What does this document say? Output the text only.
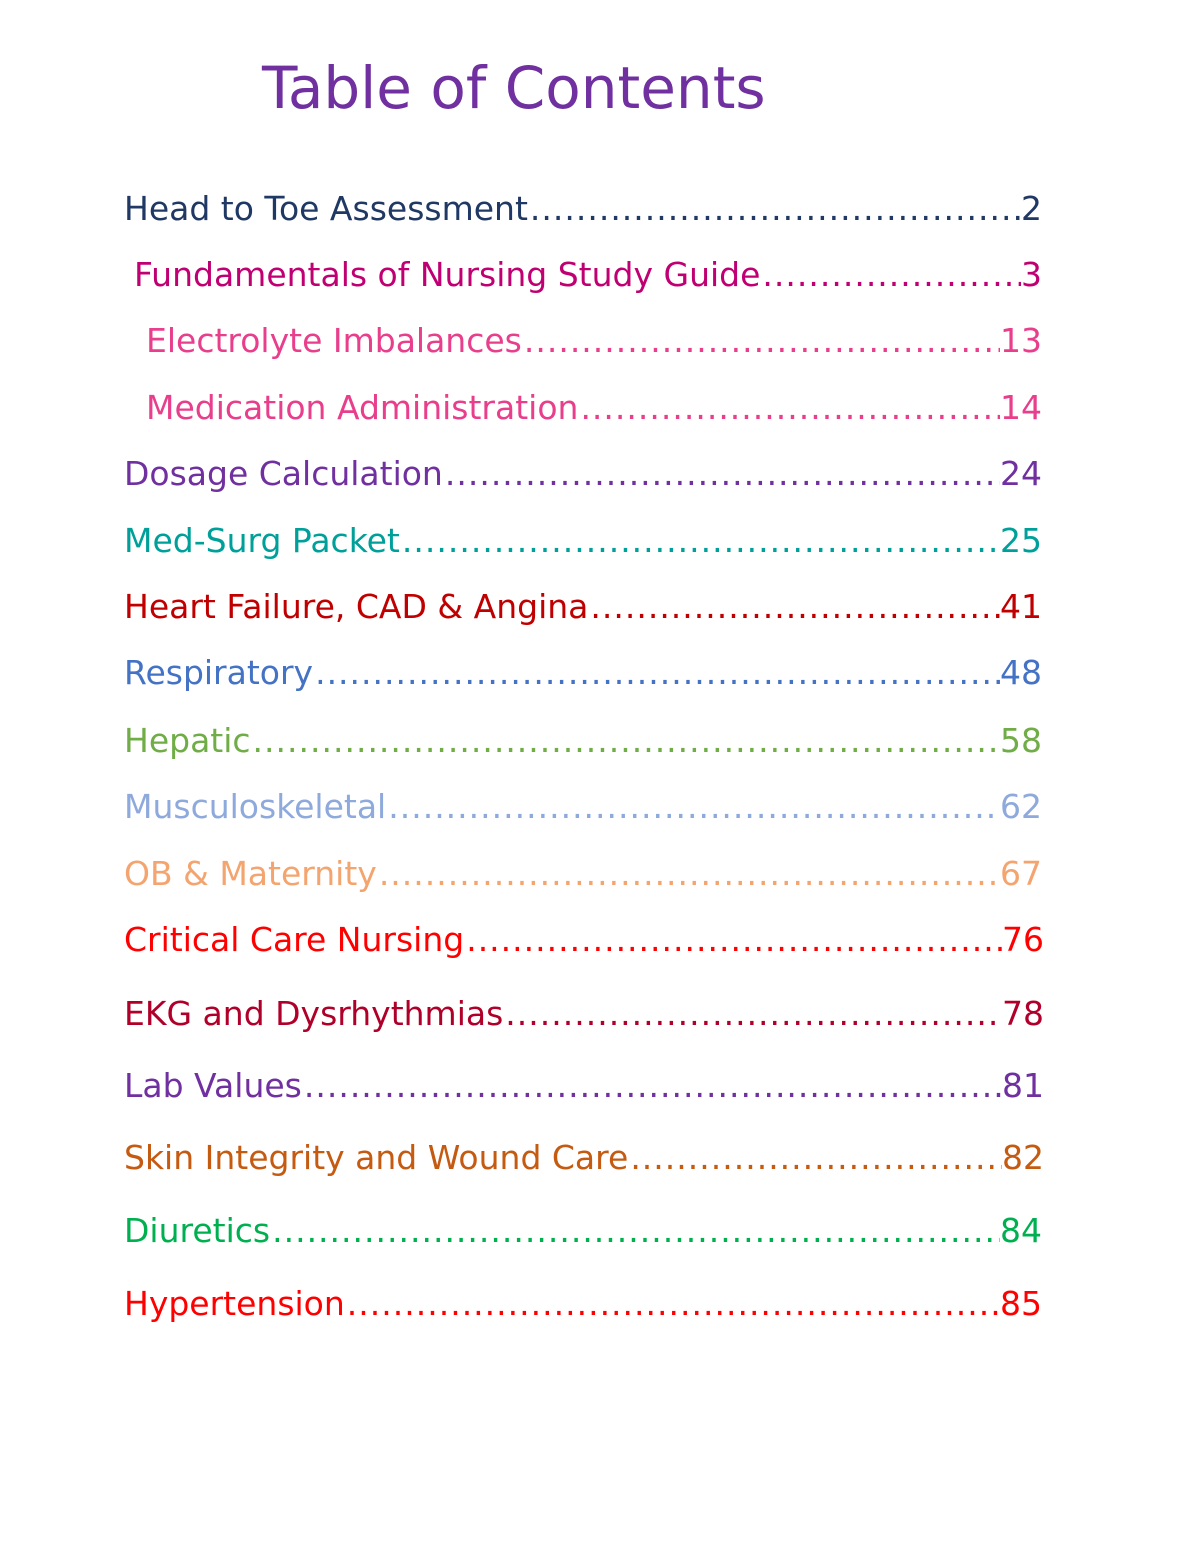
Table of Contents
Head to Toe Assessment .....	2
Fundamentals of Nursing Study Guide .....	3
Electrolyte Imbalances .....	13
Medication Administration .....	14
Dosage Calculation .....	24
Med-Surg Packet .....	25
Heart Failure, CAD & Angina .....	41
Respiratory .....	48
Hepatic .....	58
Musculoskeletal .....	62
OB & Maternity .....	67
Critical Care Nursing .....	76
EKG and Dysrhythmias .....	78
Lab Values .....	81
Skin Integrity and Wound Care .....	82
Diuretics .....	84
Hypertension .....	85
